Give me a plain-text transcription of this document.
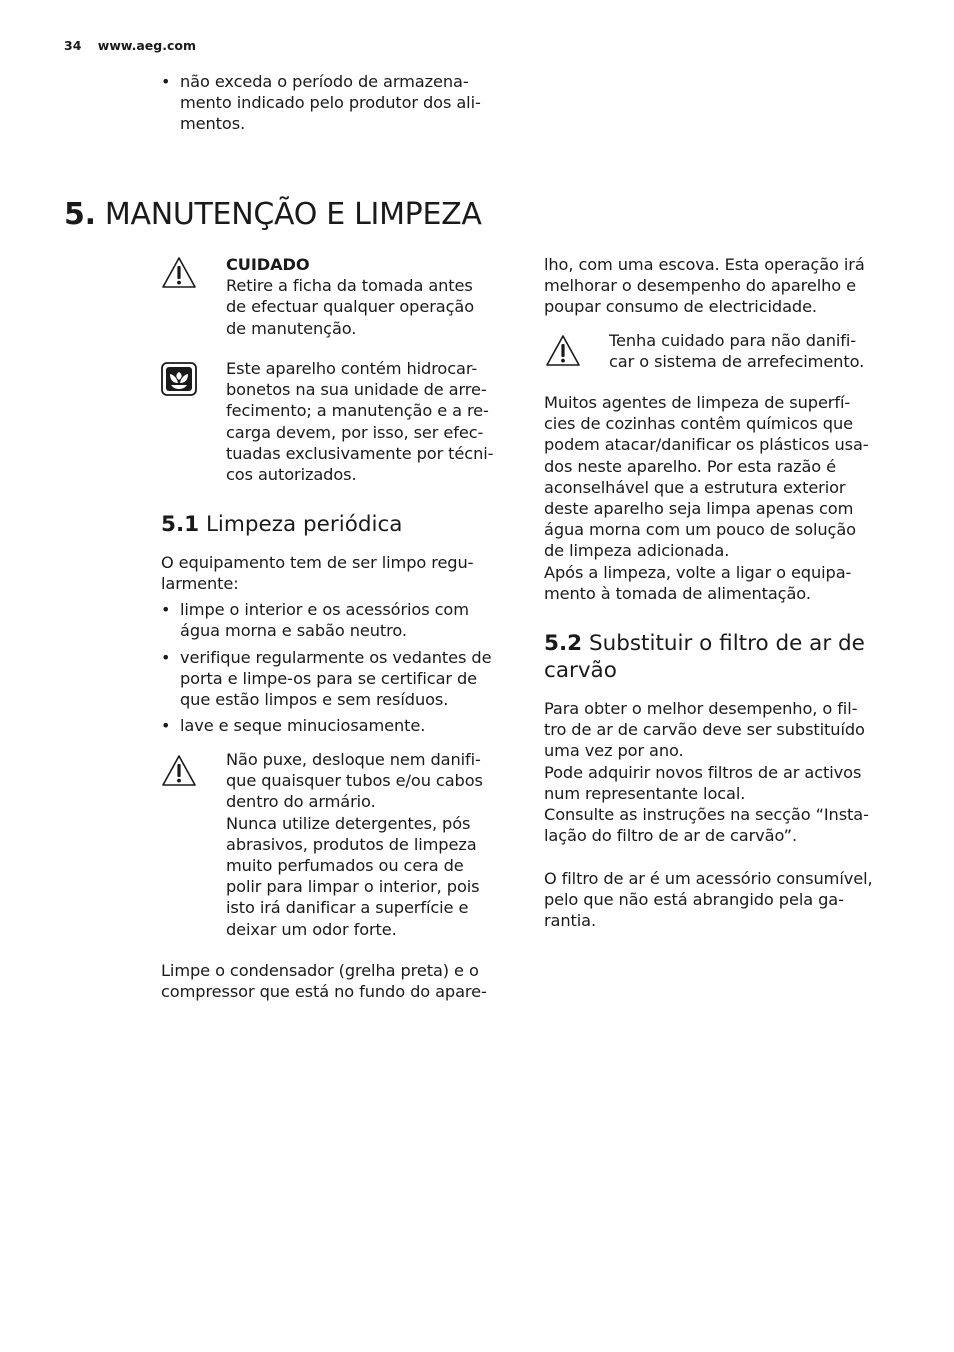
34 www.aeg.com
• não exceda o período de armazena-
mento indicado pelo produtor dos ali-
mentos.
5. MANUTENÇÃO E LIMPEZA
CUIDADO
Retire a ficha da tomada antes
de efectuar qualquer operação
de manutenção.
Este aparelho contém hidrocar-
bonetos na sua unidade de arre-
fecimento; a manutenção e a re-
carga devem, por isso, ser efec-
tuadas exclusivamente por técni-
cos autorizados.
5.1 Limpeza periódica
O equipamento tem de ser limpo regu-
larmente:
• limpe o interior e os acessórios com
água morna e sabão neutro.
• verifique regularmente os vedantes de
porta e limpe-os para se certificar de
que estão limpos e sem resíduos.
• lave e seque minuciosamente.
Não puxe, desloque nem danifi-
que quaisquer tubos e/ou cabos
dentro do armário.
Nunca utilize detergentes, pós
abrasivos, produtos de limpeza
muito perfumados ou cera de
polir para limpar o interior, pois
isto irá danificar a superfície e
deixar um odor forte.
Limpe o condensador (grelha preta) e o
compressor que está no fundo do apare-
lho, com uma escova. Esta operação irá
melhorar o desempenho do aparelho e
poupar consumo de electricidade.
Tenha cuidado para não danifi-
car o sistema de arrefecimento.
Muitos agentes de limpeza de superfí-
cies de cozinhas contêm químicos que
podem atacar/danificar os plásticos usa-
dos neste aparelho. Por esta razão é
aconselhável que a estrutura exterior
deste aparelho seja limpa apenas com
água morna com um pouco de solução
de limpeza adicionada.
Após a limpeza, volte a ligar o equipa-
mento à tomada de alimentação.
5.2 Substituir o filtro de ar de
carvão
Para obter o melhor desempenho, o fil-
tro de ar de carvão deve ser substituído
uma vez por ano.
Pode adquirir novos filtros de ar activos
num representante local.
Consulte as instruções na secção “Insta-
lação do filtro de ar de carvão”.
O filtro de ar é um acessório consumível,
pelo que não está abrangido pela ga-
rantia.
